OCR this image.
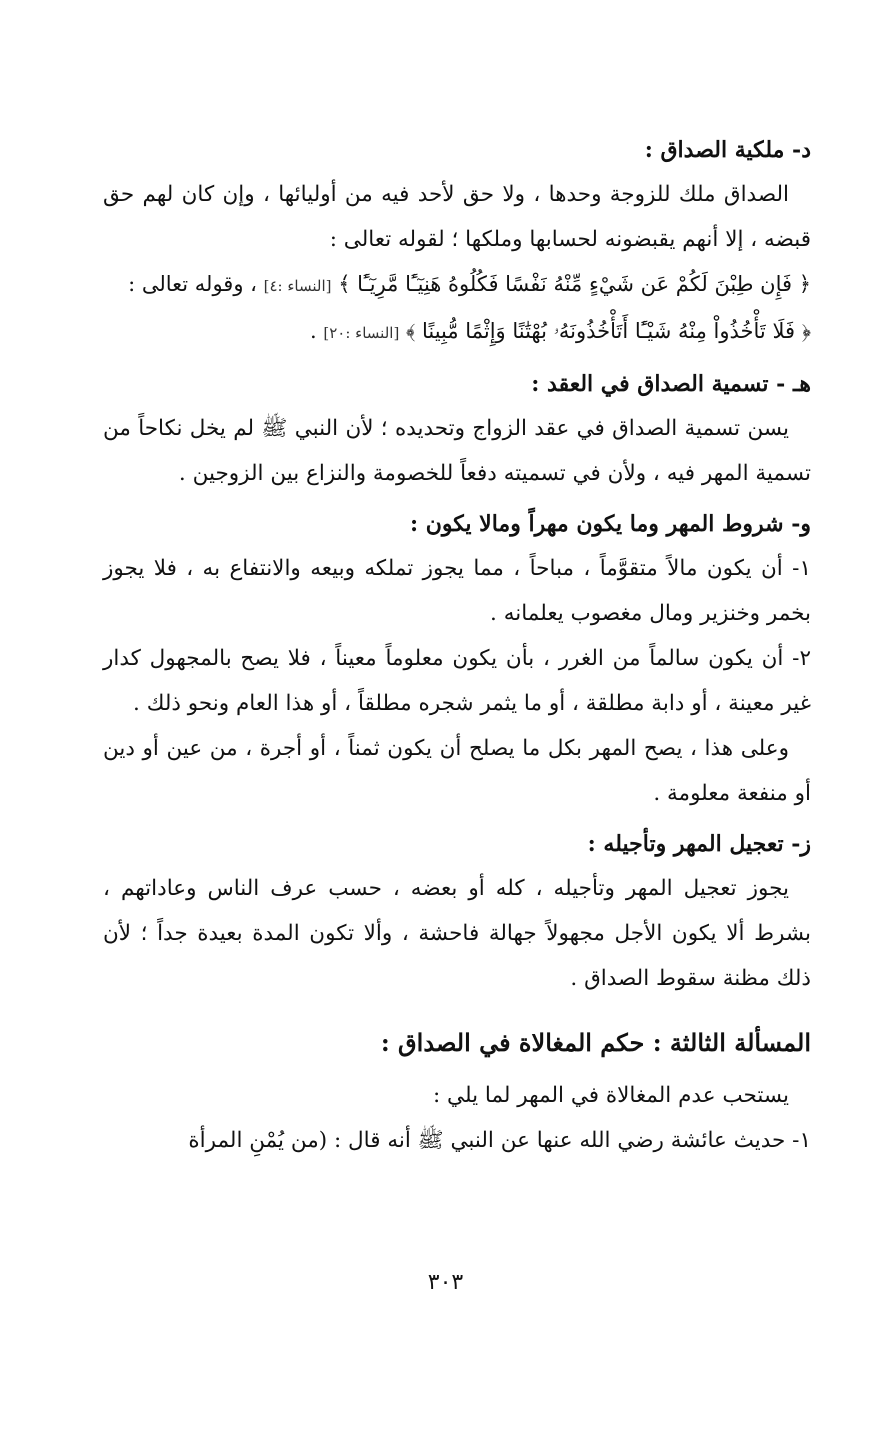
د- ملكية الصداق :

الصداق ملك للزوجة وحدها ، ولا حق لأحد فيه من أوليائها ، وإن كان لهم حق قبضه ، إلا أنهم يقبضونه لحسابها وملكها ؛ لقوله تعالى :

﴿ فَإِن طِبْنَ لَكُمْ عَن شَيْءٍ مِّنْهُ نَفْسًا فَكُلُوهُ هَنِيٓـًٔا مَّرِيٓـًٔا ﴾ [النساء :٤] ، وقوله تعالى :

﴿ فَلَا تَأْخُذُواْ مِنْهُ شَيْـًٔا أَتَأْخُذُونَهُۥ بُهْتَٰنًا وَإِثْمًا مُّبِينًا ﴾ [النساء :٢٠] .

هـ - تسمية الصداق في العقد :

يسن تسمية الصداق في عقد الزواج وتحديده ؛ لأن النبي ﷺ لم يخل نكاحاً من تسمية المهر فيه ، ولأن في تسميته دفعاً للخصومة والنزاع بين الزوجين .

و- شروط المهر وما يكون مهراً ومالا يكون :

١- أن يكون مالاً متقوَّماً ، مباحاً ، مما يجوز تملكه وبيعه والانتفاع به ، فلا يجوز بخمر وخنزير ومال مغصوب يعلمانه .

٢- أن يكون سالماً من الغرر ، بأن يكون معلوماً معيناً ، فلا يصح بالمجهول كدار غير معينة ، أو دابة مطلقة ، أو ما يثمر شجره مطلقاً ، أو هذا العام ونحو ذلك .

وعلى هذا ، يصح المهر بكل ما يصلح أن يكون ثمناً ، أو أجرة ، من عين أو دين أو منفعة معلومة .

ز- تعجيل المهر وتأجيله :

يجوز تعجيل المهر وتأجيله ، كله أو بعضه ، حسب عرف الناس وعاداتهم ، بشرط ألا يكون الأجل مجهولاً جهالة فاحشة ، وألا تكون المدة بعيدة جداً ؛ لأن ذلك مظنة سقوط الصداق .

المسألة الثالثة : حكم المغالاة في الصداق :

يستحب عدم المغالاة في المهر لما يلي :

١- حديث عائشة رضي الله عنها عن النبي ﷺ أنه قال : (من يُمْنِ المرأة

٣٠٣
